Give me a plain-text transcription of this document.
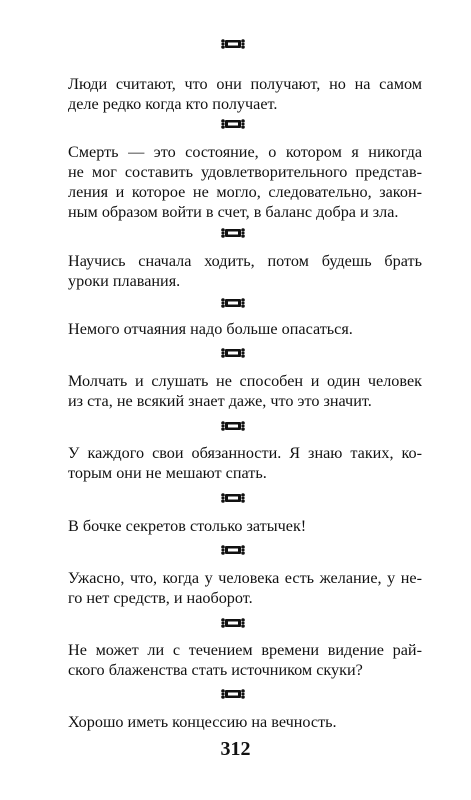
Люди считают, что они получают, но на самом
деле редко когда кто получает.

Смерть — это состояние, о котором я никогда
не мог составить удовлетворительного представ-
ления и которое не могло, следовательно, закон-
ным образом войти в счет, в баланс добра и зла.

Научись сначала ходить, потом будешь брать
уроки плавания.

Немого отчаяния надо больше опасаться.

Молчать и слушать не способен и один человек
из ста, не всякий знает даже, что это значит.

У каждого свои обязанности. Я знаю таких, ко-
торым они не мешают спать.

В бочке секретов столько затычек!

Ужасно, что, когда у человека есть желание, у не-
го нет средств, и наоборот.

Не может ли с течением времени видение рай-
ского блаженства стать источником скуки?

Хорошо иметь концессию на вечность.

312
